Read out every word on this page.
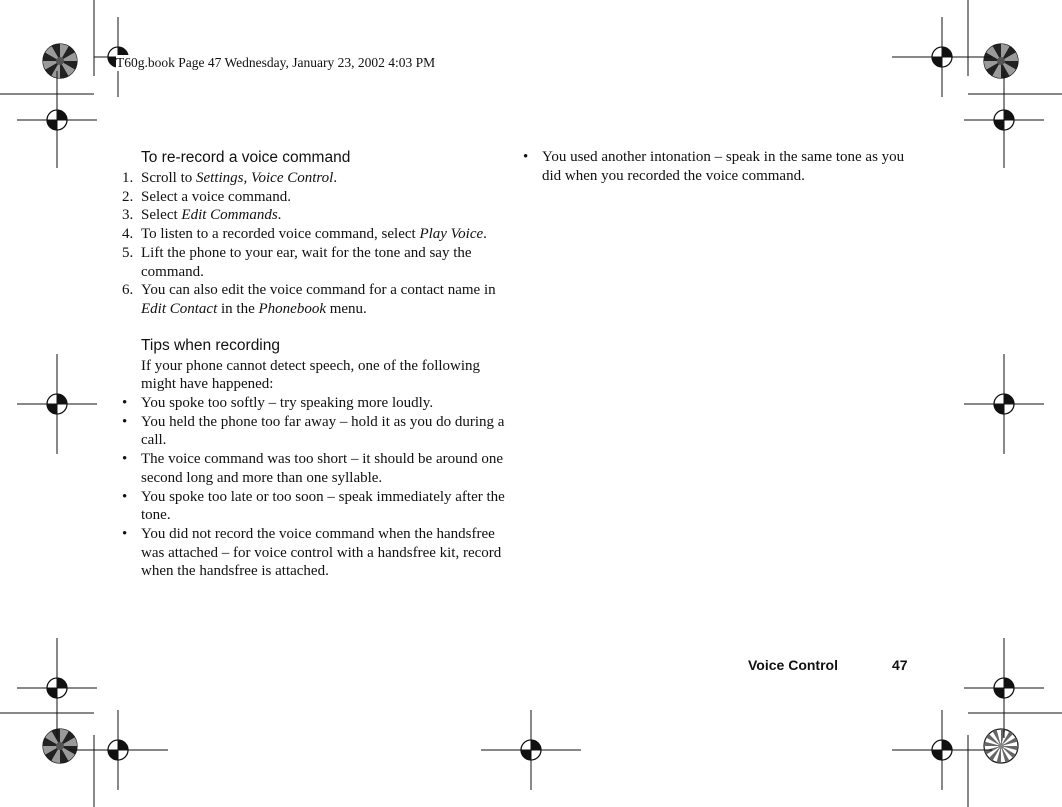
T60g.book Page 47 Wednesday, January 23, 2002 4:03 PM
To re-record a voice command
1. Scroll to Settings, Voice Control.
2. Select a voice command.
3. Select Edit Commands.
4. To listen to a recorded voice command, select Play Voice.
5. Lift the phone to your ear, wait for the tone and say the command.
6. You can also edit the voice command for a contact name in Edit Contact in the Phonebook menu.
Tips when recording
If your phone cannot detect speech, one of the following might have happened:
• You spoke too softly – try speaking more loudly.
• You held the phone too far away – hold it as you do during a call.
• The voice command was too short – it should be around one second long and more than one syllable.
• You spoke too late or too soon – speak immediately after the tone.
• You did not record the voice command when the handsfree was attached – for voice control with a handsfree kit, record when the handsfree is attached.
• You used another intonation – speak in the same tone as you did when you recorded the voice command.
Voice Control	47
